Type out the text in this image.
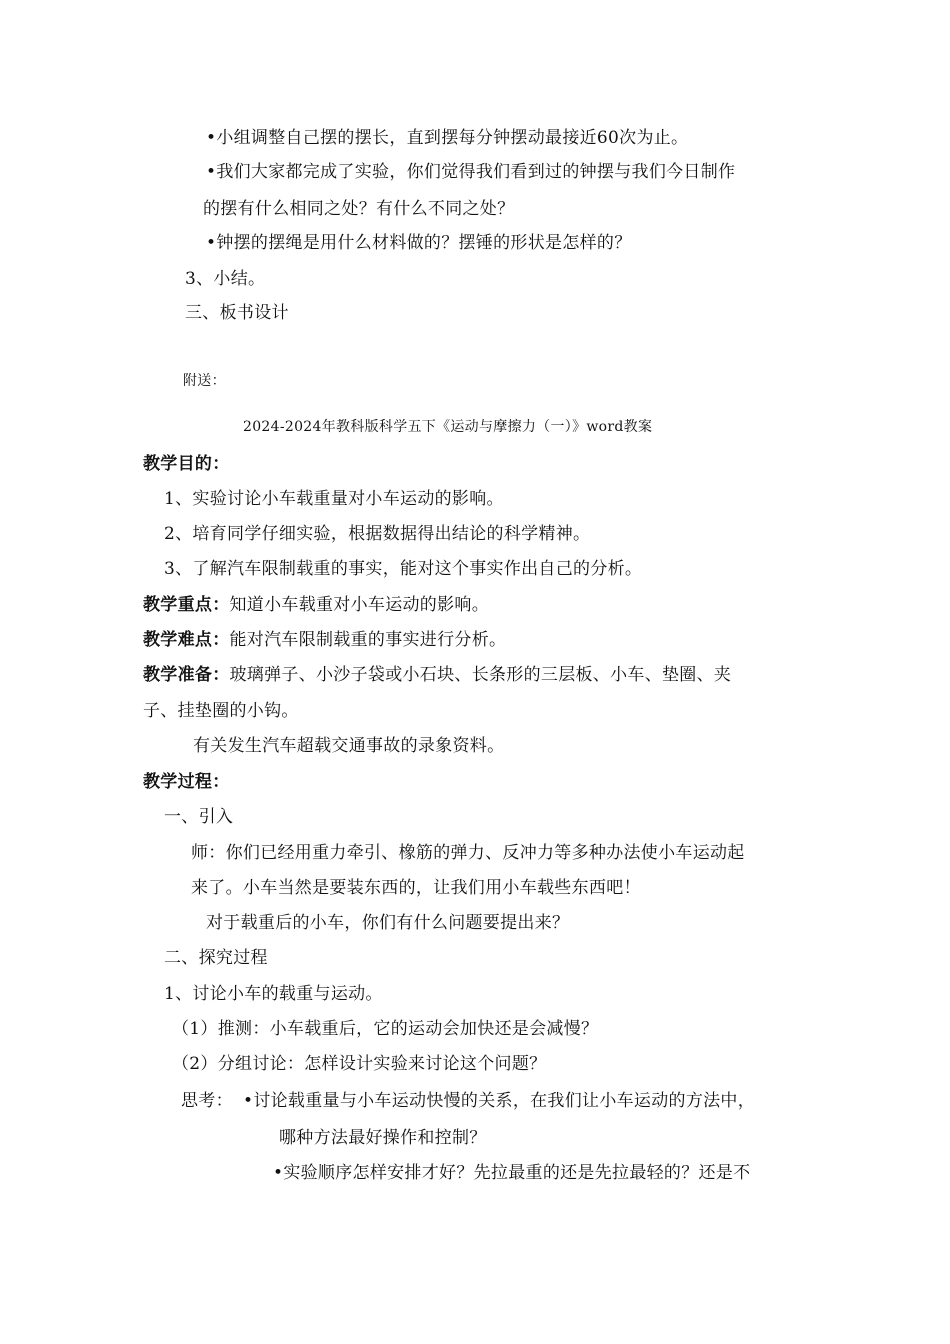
•小组调整自己摆的摆长，直到摆每分钟摆动最接近60次为止。
•我们大家都完成了实验，你们觉得我们看到过的钟摆与我们今日制作
的摆有什么相同之处？有什么不同之处？
•钟摆的摆绳是用什么材料做的？摆锤的形状是怎样的？
3、小结。
三、板书设计
附送：
2024-2024年教科版科学五下《运动与摩擦力（一）》word教案
教学目的：
1、实验讨论小车载重量对小车运动的影响。
2、培育同学仔细实验，根据数据得出结论的科学精神。
3、了解汽车限制载重的事实，能对这个事实作出自己的分析。
教学重点：知道小车载重对小车运动的影响。
教学难点：能对汽车限制载重的事实进行分析。
教学准备：玻璃弹子、小沙子袋或小石块、长条形的三层板、小车、垫圈、夹
子、挂垫圈的小钩。
有关发生汽车超载交通事故的录象资料。
教学过程：
一、引入
师：你们已经用重力牵引、橡筋的弹力、反冲力等多种办法使小车运动起
来了。小车当然是要装东西的，让我们用小车载些东西吧！
对于载重后的小车，你们有什么问题要提出来？
二、探究过程
1、讨论小车的载重与运动。
（1）推测：小车载重后，它的运动会加快还是会减慢？
（2）分组讨论：怎样设计实验来讨论这个问题？
思考： •讨论载重量与小车运动快慢的关系，在我们让小车运动的方法中，
哪种方法最好操作和控制？
•实验顺序怎样安排才好？先拉最重的还是先拉最轻的？还是不
